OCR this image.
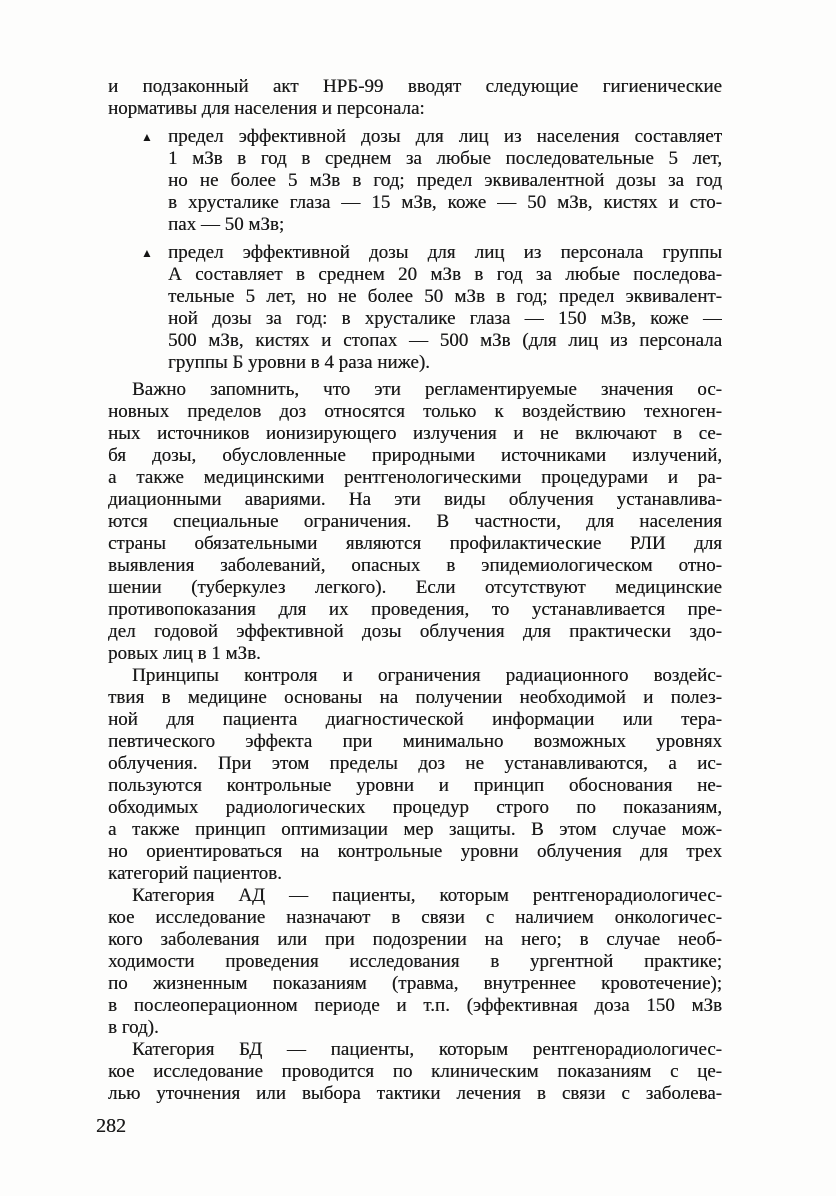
и подзаконный акт НРБ-99 вводят следующие гигиенические
нормативы для населения и персонала:
▲ предел эффективной дозы для лиц из населения составляет
1 мЗв в год в среднем за любые последовательные 5 лет,
но не более 5 мЗв в год; предел эквивалентной дозы за год
в хрусталике глаза — 15 мЗв, коже — 50 мЗв, кистях и сто-
пах — 50 мЗв;
▲ предел эффективной дозы для лиц из персонала группы
А составляет в среднем 20 мЗв в год за любые последова-
тельные 5 лет, но не более 50 мЗв в год; предел эквивалент-
ной дозы за год: в хрусталике глаза — 150 мЗв, коже —
500 мЗв, кистях и стопах — 500 мЗв (для лиц из персонала
группы Б уровни в 4 раза ниже).
Важно запомнить, что эти регламентируемые значения ос-
новных пределов доз относятся только к воздействию техноген-
ных источников ионизирующего излучения и не включают в се-
бя дозы, обусловленные природными источниками излучений,
а также медицинскими рентгенологическими процедурами и ра-
диационными авариями. На эти виды облучения устанавлива-
ются специальные ограничения. В частности, для населения
страны обязательными являются профилактические РЛИ для
выявления заболеваний, опасных в эпидемиологическом отно-
шении (туберкулез легкого). Если отсутствуют медицинские
противопоказания для их проведения, то устанавливается пре-
дел годовой эффективной дозы облучения для практически здо-
ровых лиц в 1 мЗв.
Принципы контроля и ограничения радиационного воздейс-
твия в медицине основаны на получении необходимой и полез-
ной для пациента диагностической информации или тера-
певтического эффекта при минимально возможных уровнях
облучения. При этом пределы доз не устанавливаются, а ис-
пользуются контрольные уровни и принцип обоснования не-
обходимых радиологических процедур строго по показаниям,
а также принцип оптимизации мер защиты. В этом случае мож-
но ориентироваться на контрольные уровни облучения для трех
категорий пациентов.
Категория АД — пациенты, которым рентгенорадиологичес-
кое исследование назначают в связи с наличием онкологичес-
кого заболевания или при подозрении на него; в случае необ-
ходимости проведения исследования в ургентной практике;
по жизненным показаниям (травма, внутреннее кровотечение);
в послеоперационном периоде и т.п. (эффективная доза 150 мЗв
в год).
Категория БД — пациенты, которым рентгенорадиологичес-
кое исследование проводится по клиническим показаниям с це-
лью уточнения или выбора тактики лечения в связи с заболева-
282
